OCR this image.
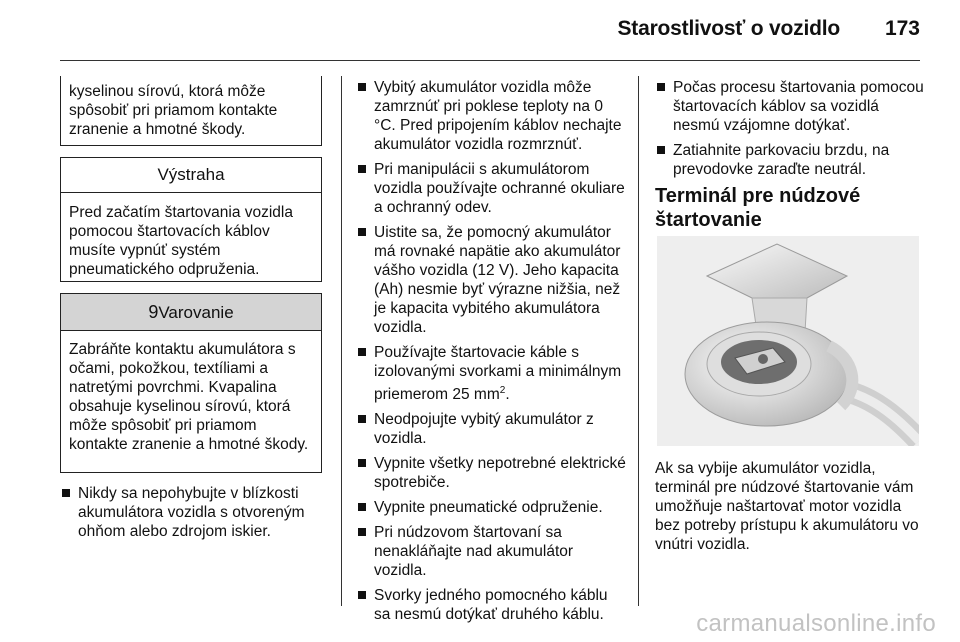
Starostlivosť o vozidlo 173
kyselinou sírovú, ktorá môže spôsobiť pri priamom kontakte zranenie a hmotné škody.
Výstraha
Pred začatím štartovania vozidla pomocou štartovacích káblov musíte vypnúť systém pneumatického odpruženia.
9Varovanie
Zabráňte kontaktu akumulátora s očami, pokožkou, textíliami a natretými povrchmi. Kvapalina obsahuje kyselinou sírovú, ktorá môže spôsobiť pri priamom kontakte zranenie a hmotné škody.
Nikdy sa nepohybujte v blízkosti akumulátora vozidla s otvoreným ohňom alebo zdrojom iskier.
Vybitý akumulátor vozidla môže zamrznúť pri poklese teploty na 0 °C. Pred pripojením káblov nechajte akumulátor vozidla rozmrznúť.
Pri manipulácii s akumulátorom vozidla používajte ochranné okuliare a ochranný odev.
Uistite sa, že pomocný akumulátor má rovnaké napätie ako akumulátor vášho vozidla (12 V). Jeho kapacita (Ah) nesmie byť výrazne nižšia, než je kapacita vybitého akumulátora vozidla.
Používajte štartovacie káble s izolovanými svorkami a minimálnym priemerom 25 $mm^2$.
Neodpojujte vybitý akumulátor z vozidla.
Vypnite všetky nepotrebné elektrické spotrebiče.
Vypnite pneumatické odpruženie.
Pri núdzovom štartovaní sa nenakláňajte nad akumulátor vozidla.
Svorky jedného pomocného káblu sa nesmú dotýkať druhého káblu.
Počas procesu štartovania pomocou štartovacích káblov sa vozidlá nesmú vzájomne dotýkať.
Zatiahnite parkovaciu brzdu, na prevodovke zaraďte neutrál.
Terminál pre núdzové štartovanie
Ak sa vybije akumulátor vozidla, terminál pre núdzové štartovanie vám umožňuje naštartovať motor vozidla bez potreby prístupu k akumulátoru vo vnútri vozidla.
carmanualsonline.info
